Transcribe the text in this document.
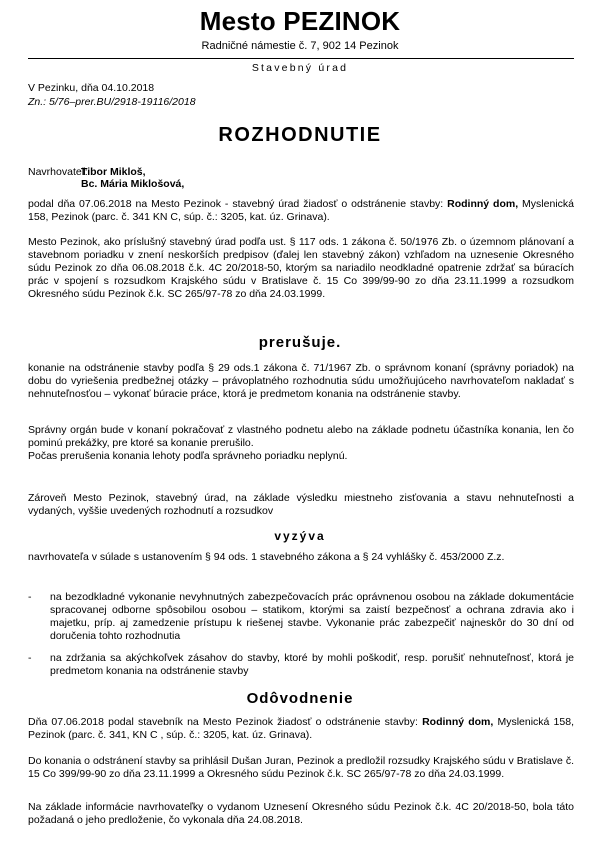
Mesto PEZINOK
Radničné námestie č. 7, 902 14 Pezinok
Stavebný úrad
V Pezinku, dňa 04.10.2018
Zn.: 5/76–prer.BU/2918-19116/2018
ROZHODNUTIE
Navrhovateľ:
Tibor Mikloš,
Bc. Mária Miklošová,
podal dňa 07.06.2018 na Mesto Pezinok - stavebný úrad žiadosť o odstránenie stavby: Rodinný dom, Myslenická 158, Pezinok (parc. č. 341 KN C, súp. č.: 3205, kat. úz. Grinava).
Mesto Pezinok, ako príslušný stavebný úrad podľa ust. § 117 ods. 1 zákona č. 50/1976 Zb. o územnom plánovaní a stavebnom poriadku v znení neskorších predpisov (ďalej len stavebný zákon) vzhľadom na uznesenie Okresného súdu Pezinok zo dňa 06.08.2018 č.k. 4C 20/2018-50, ktorým sa nariadilo neodkladné opatrenie zdržať sa búracích prác v spojení s rozsudkom Krajského súdu v Bratislave č. 15 Co 399/99-90 zo dňa 23.11.1999 a rozsudkom Okresného súdu Pezinok č.k. SC 265/97-78 zo dňa 24.03.1999.
prerušuje.
konanie na odstránenie stavby podľa § 29 ods.1 zákona č. 71/1967 Zb. o správnom konaní (správny poriadok) na dobu do vyriešenia predbežnej otázky – právoplatného rozhodnutia súdu umožňujúceho navrhovateľom nakladať s nehnuteľnosťou – vykonať búracie práce, ktorá je predmetom konania na odstránenie stavby.
Správny orgán bude v konaní pokračovať z vlastného podnetu alebo na základe podnetu účastníka konania, len čo pominú prekážky, pre ktoré sa konanie prerušilo.
Počas prerušenia konania lehoty podľa správneho poriadku neplynú.
Zároveň Mesto Pezinok, stavebný úrad, na základe výsledku miestneho zisťovania a stavu nehnuteľnosti a vydaných, vyššie uvedených rozhodnutí a rozsudkov
vyzýva
navrhovateľa v súlade s ustanovením § 94 ods. 1 stavebného zákona a § 24 vyhlášky č. 453/2000 Z.z.
- na bezodkladné vykonanie nevyhnutných zabezpečovacích prác oprávnenou osobou na základe dokumentácie spracovanej odborne spôsobilou osobou – statikom, ktorými sa zaistí bezpečnosť a ochrana zdravia ako i majetku, príp. aj zamedzenie prístupu k riešenej stavbe. Vykonanie prác zabezpečiť najneskôr do 30 dní od doručenia tohto rozhodnutia
- na zdržania sa akýchkoľvek zásahov do stavby, ktoré by mohli poškodiť, resp. porušiť nehnuteľnosť, ktorá je predmetom konania na odstránenie stavby
Odôvodnenie
Dňa 07.06.2018 podal stavebník na Mesto Pezinok žiadosť o odstránenie stavby: Rodinný dom, Myslenická 158, Pezinok (parc. č. 341, KN C , súp. č.: 3205, kat. úz. Grinava).
Do konania o odstránení stavby sa prihlásil Dušan Juran, Pezinok a predložil rozsudky Krajského súdu v Bratislave č. 15 Co 399/99-90 zo dňa 23.11.1999 a Okresného súdu Pezinok č.k. SC 265/97-78 zo dňa 24.03.1999.
Na základe informácie navrhovateľky o vydanom Uznesení Okresného súdu Pezinok č.k. 4C 20/2018-50, bola táto požadaná o jeho predloženie, čo vykonala dňa 24.08.2018.
